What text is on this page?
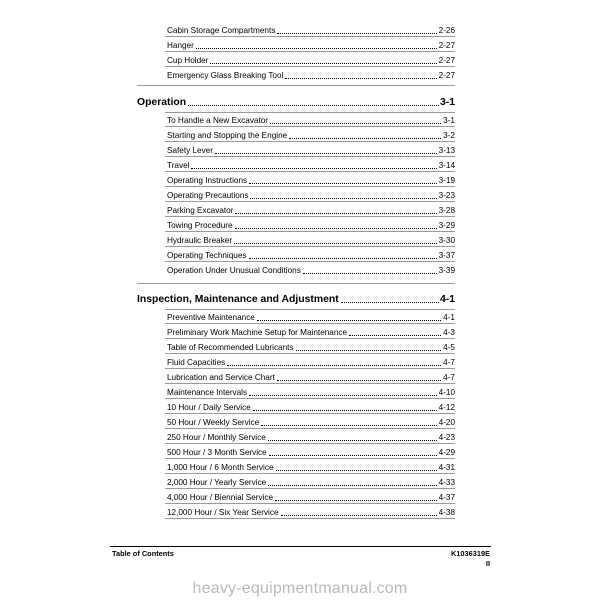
Cabin Storage Compartments	2-26
Hanger	2-27
Cup Holder	2-27
Emergency Glass Breaking Tool	2-27
Operation	3-1
To Handle a New Excavator	3-1
Starting and Stopping the Engine	3-2
Safety Lever	3-13
Travel	3-14
Operating Instructions	3-19
Operating Precautions	3-23
Parking Excavator	3-28
Towing Procedure	3-29
Hydraulic Breaker	3-30
Operating Techniques	3-37
Operation Under Unusual Conditions	3-39
Inspection, Maintenance and Adjustment	4-1
Preventive Maintenance	4-1
Preliminary Work Machine Setup for Maintenance	4-3
Table of Recommended Lubricants	4-5
Fluid Capacities	4-7
Lubrication and Service Chart	4-7
Maintenance Intervals	4-10
10 Hour / Daily Service	4-12
50 Hour / Weekly Service	4-20
250 Hour / Monthly Service	4-23
500 Hour / 3 Month Service	4-29
1,000 Hour / 6 Month Service	4-31
2,000 Hour / Yearly Service	4-33
4,000 Hour / Biennial Service	4-37
12,000 Hour / Six Year Service	4-38
Table of Contents	K1036319E
II
heavy-equipmentmanual.com
